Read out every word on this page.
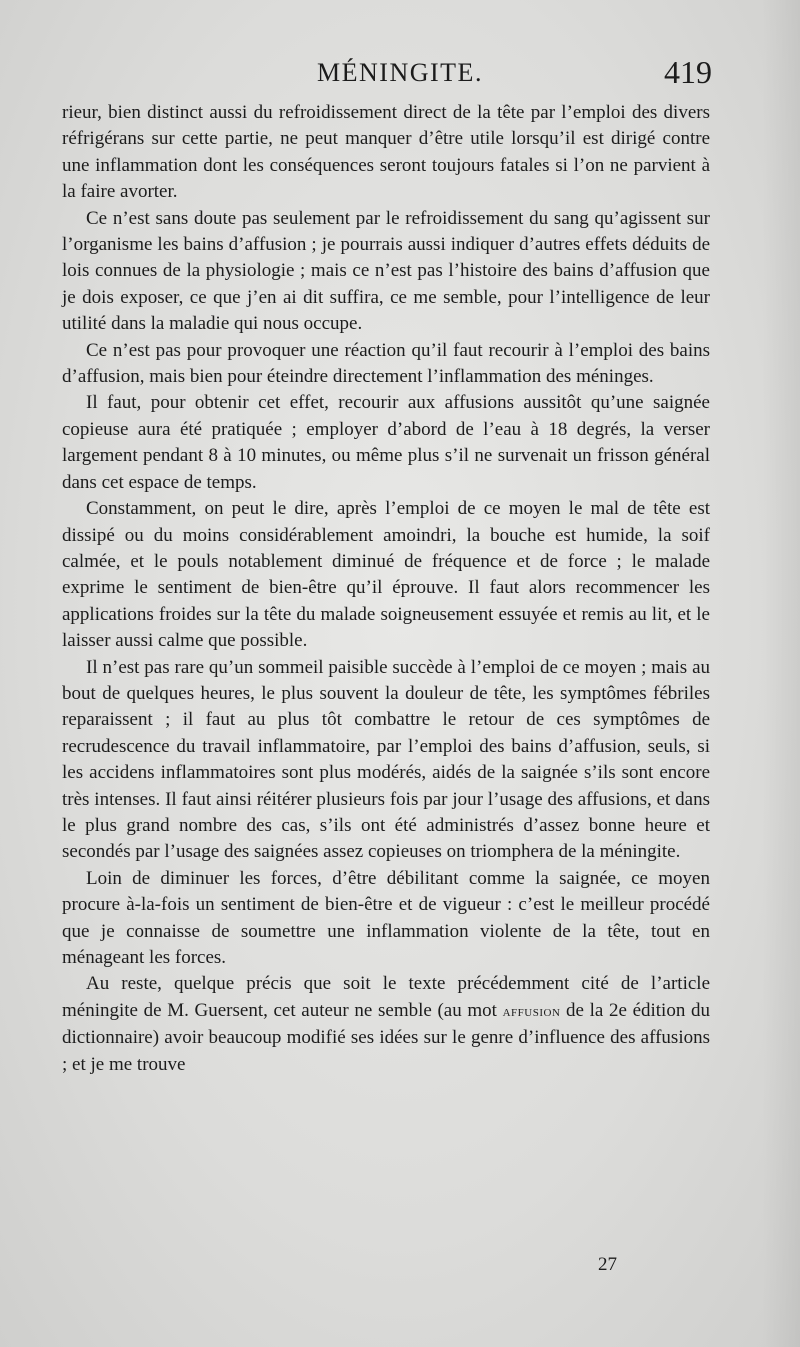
MÉNINGITE.	419

rieur, bien distinct aussi du refroidissement direct de la tête par l’emploi des divers réfrigérans sur cette partie, ne peut manquer d’être utile lorsqu’il est dirigé contre une inflammation dont les conséquences seront toujours fatales si l’on ne parvient à la faire avorter.

Ce n’est sans doute pas seulement par le refroidissement du sang qu’agissent sur l’organisme les bains d’affusion ; je pourrais aussi indiquer d’autres effets déduits de lois connues de la physiologie ; mais ce n’est pas l’histoire des bains d’affusion que je dois exposer, ce que j’en ai dit suffira, ce me semble, pour l’intelligence de leur utilité dans la maladie qui nous occupe.

Ce n’est pas pour provoquer une réaction qu’il faut recourir à l’emploi des bains d’affusion, mais bien pour éteindre directement l’inflammation des méninges.

Il faut, pour obtenir cet effet, recourir aux affusions aussitôt qu’une saignée copieuse aura été pratiquée ; employer d’abord de l’eau à 18 degrés, la verser largement pendant 8 à 10 minutes, ou même plus s’il ne survenait un frisson général dans cet espace de temps.

Constamment, on peut le dire, après l’emploi de ce moyen le mal de tête est dissipé ou du moins considérablement amoindri, la bouche est humide, la soif calmée, et le pouls notablement diminué de fréquence et de force ; le malade exprime le sentiment de bien-être qu’il éprouve. Il faut alors recommencer les applications froides sur la tête du malade soigneusement essuyée et remis au lit, et le laisser aussi calme que possible.

Il n’est pas rare qu’un sommeil paisible succède à l’emploi de ce moyen ; mais au bout de quelques heures, le plus souvent la douleur de tête, les symptômes fébriles reparaissent ; il faut au plus tôt combattre le retour de ces symptômes de recrudescence du travail inflammatoire, par l’emploi des bains d’affusion, seuls, si les accidens inflammatoires sont plus modérés, aidés de la saignée s’ils sont encore très intenses. Il faut ainsi réitérer plusieurs fois par jour l’usage des affusions, et dans le plus grand nombre des cas, s’ils ont été administrés d’assez bonne heure et secondés par l’usage des saignées assez copieuses on triomphera de la méningite.

Loin de diminuer les forces, d’être débilitant comme la saignée, ce moyen procure à-la-fois un sentiment de bien-être et de vigueur : c’est le meilleur procédé que je connaisse de soumettre une inflammation violente de la tête, tout en ménageant les forces.

Au reste, quelque précis que soit le texte précédemment cité de l’article méningite de M. Guersent, cet auteur ne semble (au mot affusion de la 2e édition du dictionnaire) avoir beaucoup modifié ses idées sur le genre d’influence des affusions ; et je me trouve

27
